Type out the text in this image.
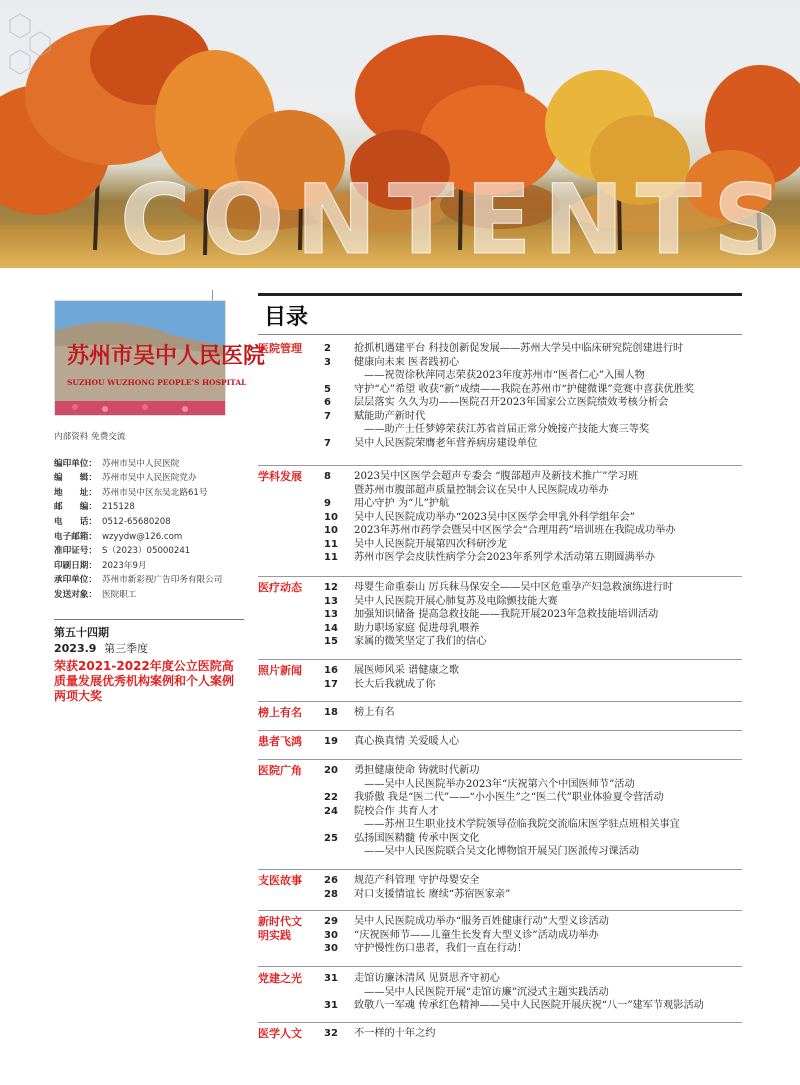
CONTENTS
苏州市吴中人民医院
SUZHOU WUZHONG PEOPLE'S HOSPITAL
内部资料 免费交流
编印单位： 苏州市吴中人民医院
编　　辑： 苏州市吴中人民医院党办
地　　址： 苏州市吴中区东吴北路61号
邮　　编： 215128
电　　话： 0512-65680208
电子邮箱： wzyydw@126.com
准印证号： S（2023）05000241
印刷日期： 2023年9月
承印单位： 苏州市新彩视广告印务有限公司
发送对象： 医院职工
第五十四期
2023.9 第三季度
荣获2021-2022年度公立医院高质量发展优秀机构案例和个人案例两项大奖
目录
医院管理	2	抢抓机遇建平台 科技创新促发展——苏州大学吴中临床研究院创建进行时
3	健康向未来 医者践初心
——祝贺徐秋萍同志荣获2023年度苏州市“医者仁心”入围人物
5	守护“心”希望 收获“新”成绩——我院在苏州市“护健微课”竞赛中喜获优胜奖
6	层层落实 久久为功——医院召开2023年国家公立医院绩效考核分析会
7	赋能助产新时代
——助产士任梦婷荣获江苏省首届正常分娩接产技能大赛三等奖
7	吴中人民医院荣膺老年营养病房建设单位
学科发展	8	2023吴中区医学会超声专委会 “腹部超声及新技术推广”学习班
暨苏州市腹部超声质量控制会议在吴中人民医院成功举办
9	用心守护 为“儿”护航
10	吴中人民医院成功举办“2023吴中区医学会甲乳外科学组年会”
10	2023年苏州市药学会暨吴中区医学会“合理用药”培训班在我院成功举办
11	吴中人民医院开展第四次科研沙龙
11	苏州市医学会皮肤性病学分会2023年系列学术活动第五期圆满举办
医疗动态	12	母婴生命重泰山 厉兵秣马保安全——吴中区危重孕产妇急救演练进行时
13	吴中人民医院开展心肺复苏及电除颤技能大赛
13	加强知识储备 提高急救技能——我院开展2023年急救技能培训活动
14	助力职场家庭 促进母乳喂养
15	家属的微笑坚定了我们的信心
照片新闻	16	展医师风采 谱健康之歌
17	长大后我就成了你
榜上有名	18	榜上有名
患者飞鸿	19	真心换真情 关爱暖人心
医院广角	20	勇担健康使命 铸就时代新功
——吴中人民医院举办2023年“庆祝第六个中国医师节”活动
22	我骄傲 我是“医二代”——“小小医生”之“医二代”职业体验夏令营活动
24	院校合作 共育人才
——苏州卫生职业技术学院领导莅临我院交流临床医学驻点班相关事宜
25	弘扬国医精髓 传承中医文化
——吴中人民医院联合吴文化博物馆开展吴门医派传习课活动
支医故事	26	规范产科管理 守护母婴安全
28	对口支援情谊长 赓续“苏宿医家亲”
新时代文明实践
29	吴中人民医院成功举办“服务百姓健康行动”大型义诊活动
30	“庆祝医师节——儿童生长发育大型义诊”活动成功举办
30	守护慢性伤口患者，我们一直在行动！
党建之光	31	走馆访廉沐清风 见贤思齐守初心
——吴中人民医院开展“走馆访廉”沉浸式主题实践活动
31	致敬八一军魂 传承红色精神——吴中人民医院开展庆祝“八一”建军节观影活动
医学人文	32	不一样的十年之约
